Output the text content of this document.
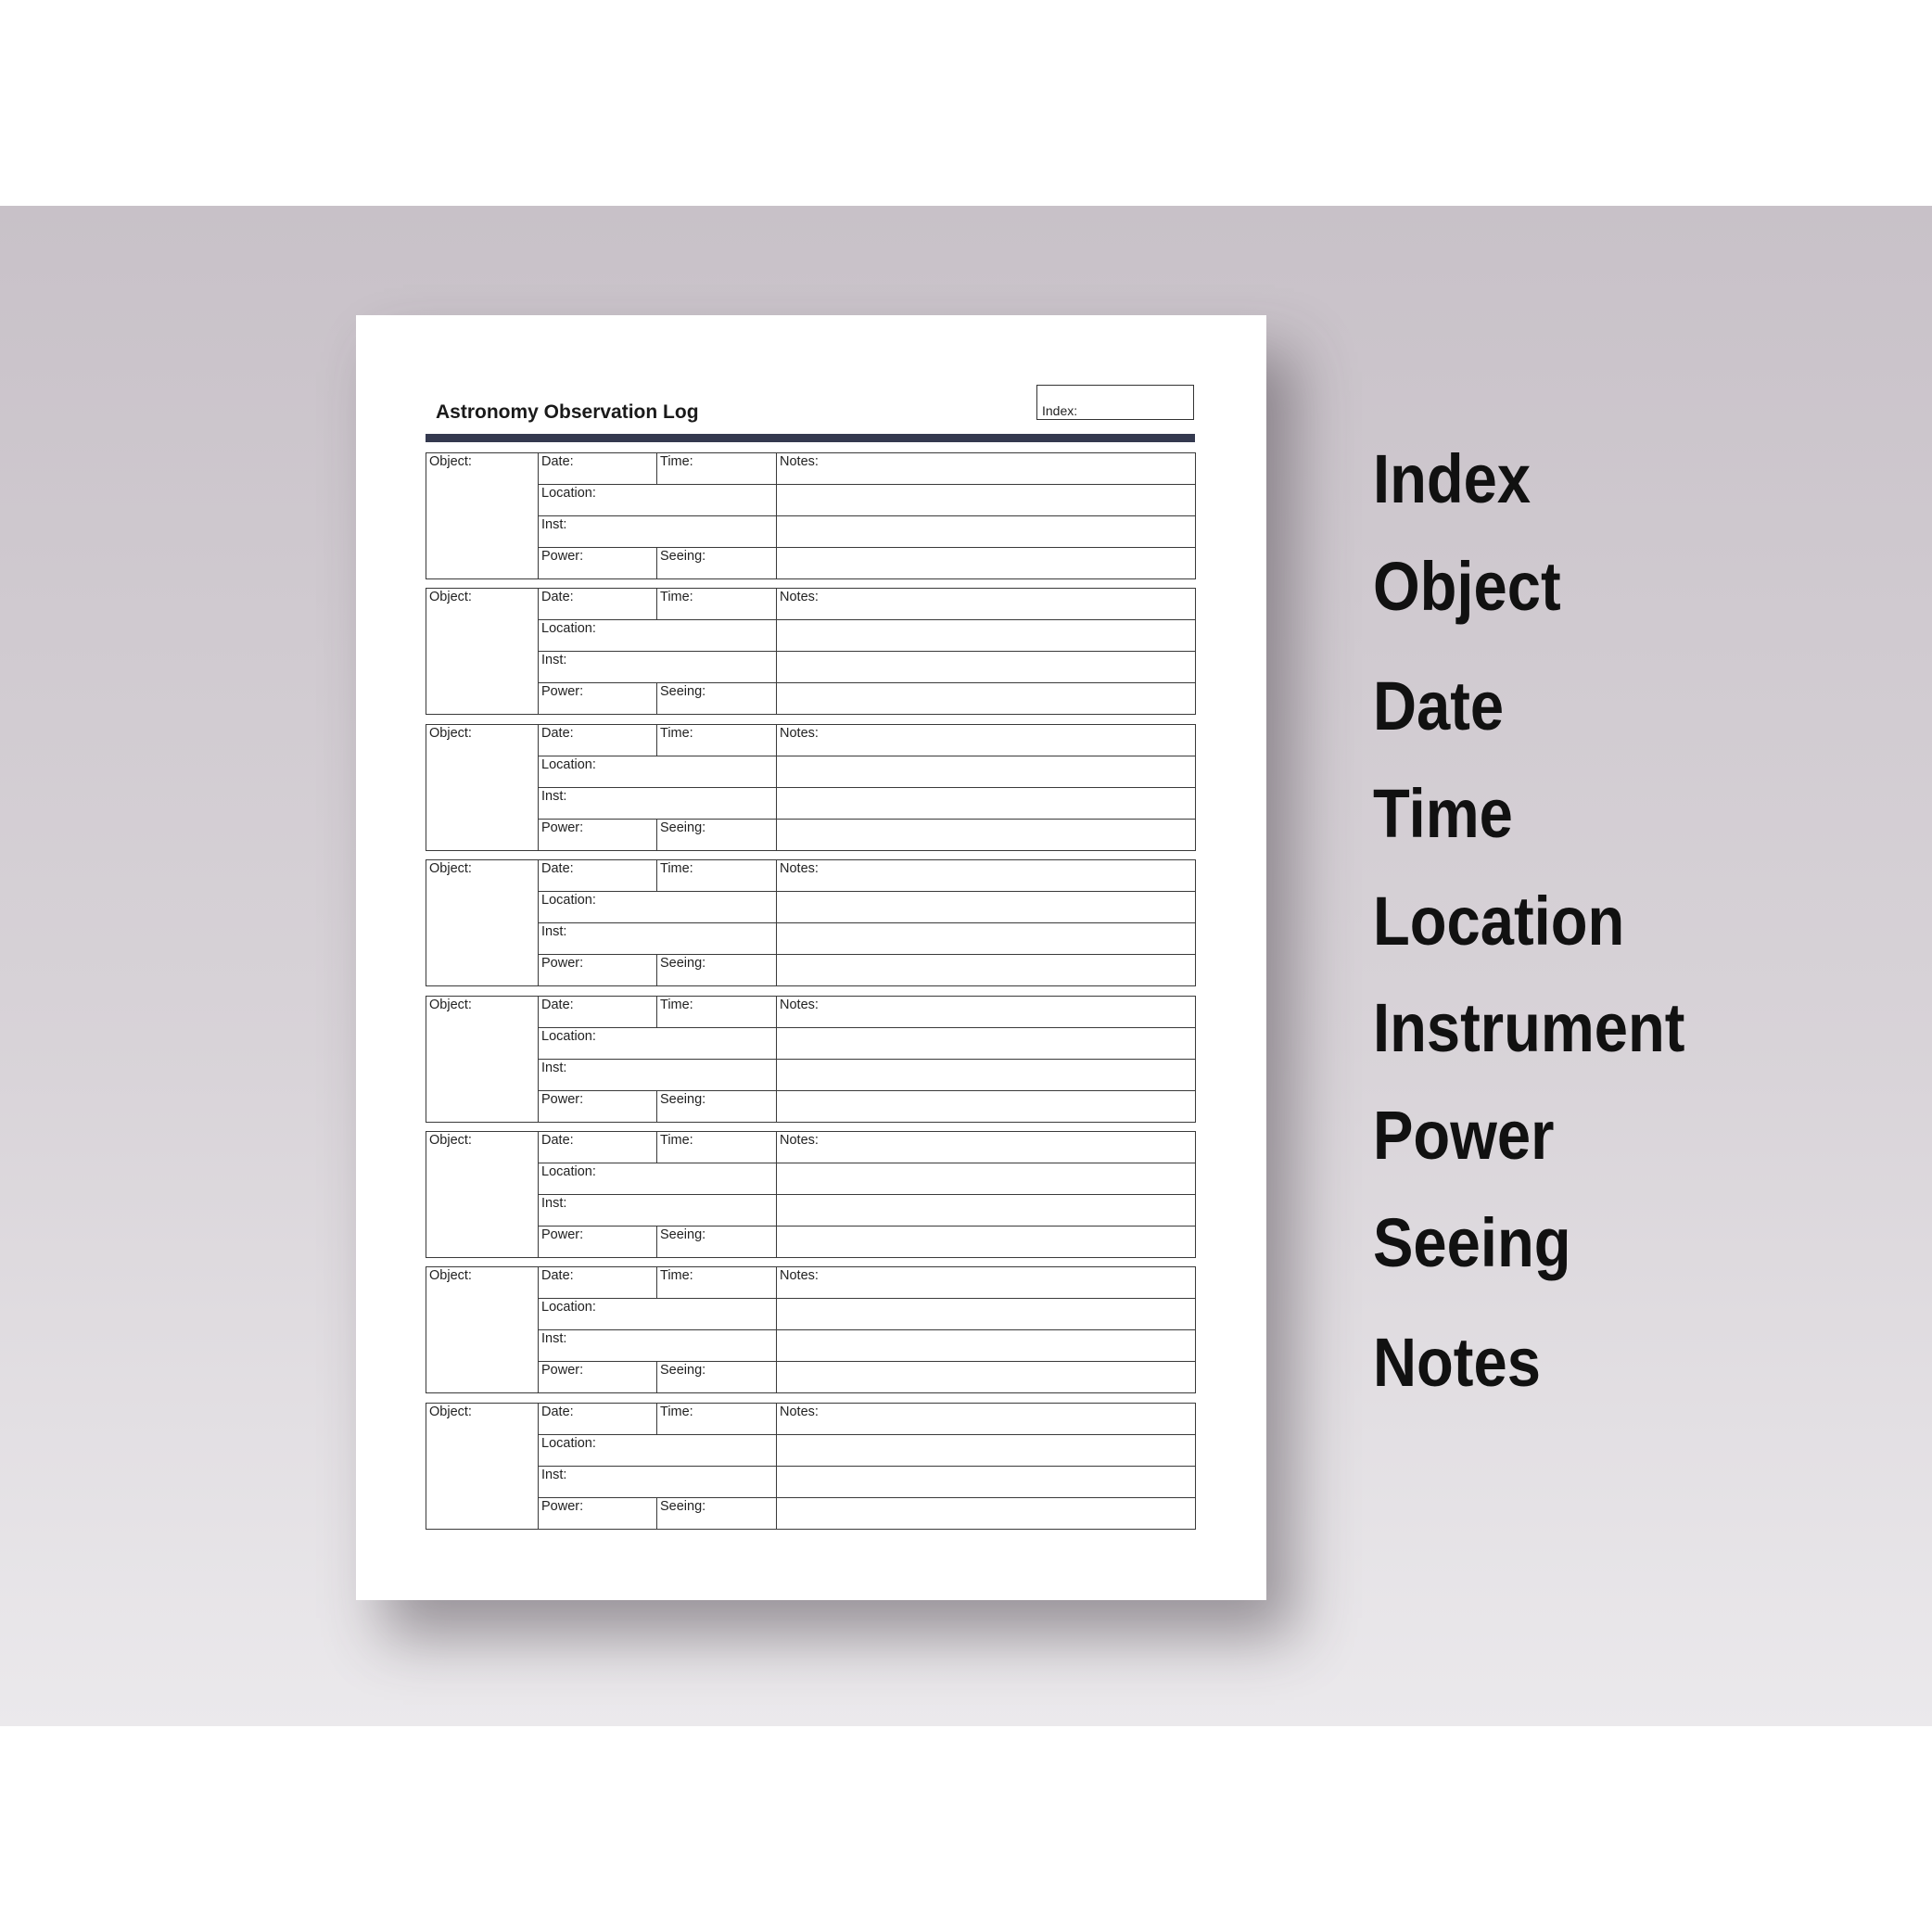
Astronomy Observation Log	Index:
Object:	Date:	Time:	Notes:
	Location:		
	Inst:		
	Power:	Seeing:	
Object:	Date:	Time:	Notes:
	Location:		
	Inst:		
	Power:	Seeing:	
Object:	Date:	Time:	Notes:
	Location:		
	Inst:		
	Power:	Seeing:	
Object:	Date:	Time:	Notes:
	Location:		
	Inst:		
	Power:	Seeing:	
Object:	Date:	Time:	Notes:
	Location:		
	Inst:		
	Power:	Seeing:	
Object:	Date:	Time:	Notes:
	Location:		
	Inst:		
	Power:	Seeing:	
Object:	Date:	Time:	Notes:
	Location:		
	Inst:		
	Power:	Seeing:	
Object:	Date:	Time:	Notes:
	Location:		
	Inst:		
	Power:	Seeing:	
Index
Object
Date
Time
Location
Instrument
Power
Seeing
Notes
